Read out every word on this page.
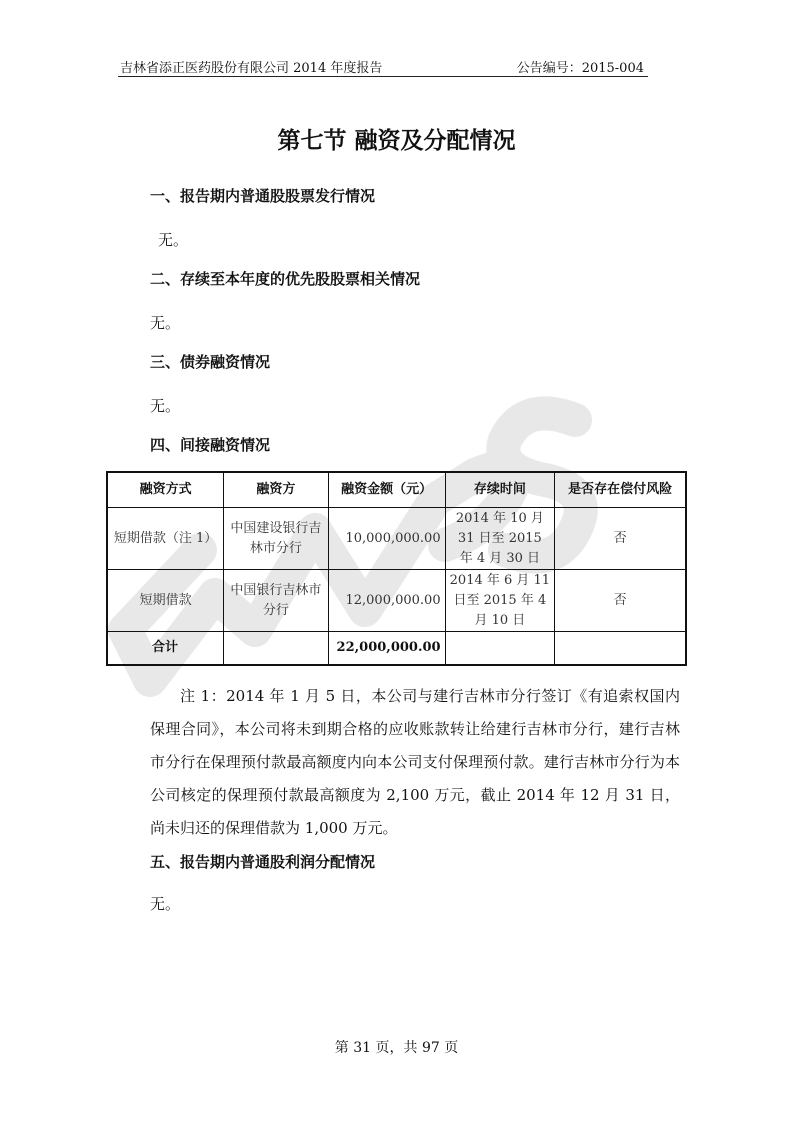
吉林省添正医药股份有限公司 2014 年度报告	公告编号：2015-004
第七节 融资及分配情况
一、报告期内普通股股票发行情况
无。
二、存续至本年度的优先股股票相关情况
无。
三、债券融资情况
无。
四、间接融资情况
融资方式	融资方	融资金额（元）	存续时间	是否存在偿付风险
短期借款（注 1）	中国建设银行吉林市分行	10,000,000.00	2014 年 10 月 31 日至 2015 年 4 月 30 日	否
短期借款	中国银行吉林市分行	12,000,000.00	2014 年 6 月 11 日至 2015 年 4 月 10 日	否
合计		22,000,000.00		
注 1：2014 年 1 月 5 日，本公司与建行吉林市分行签订《有追索权国内保理合同》，本公司将未到期合格的应收账款转让给建行吉林市分行，建行吉林市分行在保理预付款最高额度内向本公司支付保理预付款。建行吉林市分行为本公司核定的保理预付款最高额度为 2,100 万元，截止 2014 年 12 月 31 日，尚未归还的保理借款为 1,000 万元。
五、报告期内普通股利润分配情况
无。
第 31 页，共 97 页
